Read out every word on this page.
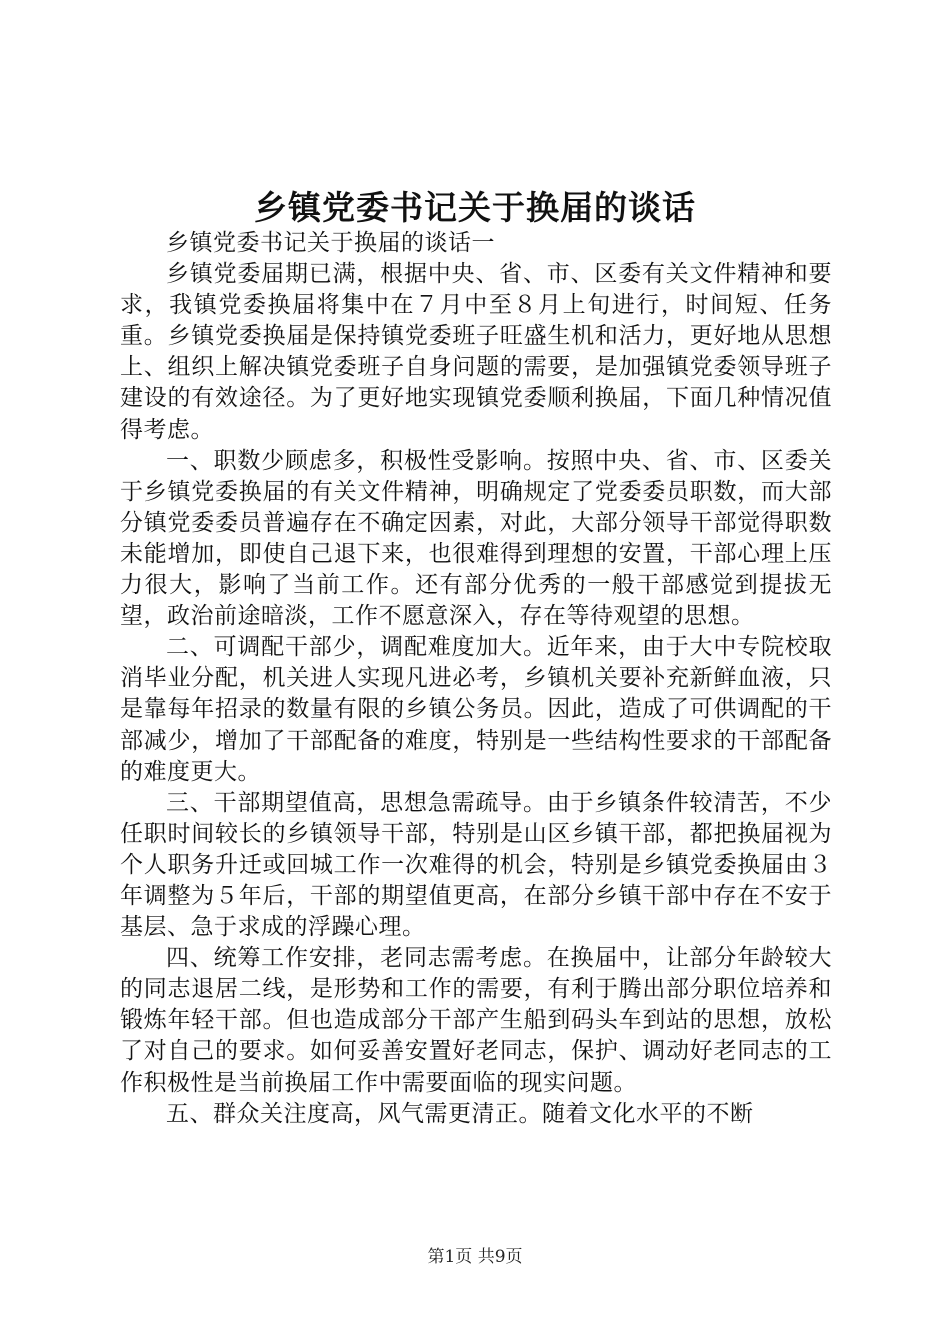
乡镇党委书记关于换届的谈话

乡镇党委书记关于换届的谈话一

乡镇党委届期已满，根据中央、省、市、区委有关文件精神和要求，我镇党委换届将集中在７月中至８月上旬进行，时间短、任务重。乡镇党委换届是保持镇党委班子旺盛生机和活力，更好地从思想上、组织上解决镇党委班子自身问题的需要，是加强镇党委领导班子建设的有效途径。为了更好地实现镇党委顺利换届，下面几种情况值得考虑。

一、职数少顾虑多，积极性受影响。按照中央、省、市、区委关于乡镇党委换届的有关文件精神，明确规定了党委委员职数，而大部分镇党委委员普遍存在不确定因素，对此，大部分领导干部觉得职数未能增加，即使自己退下来，也很难得到理想的安置，干部心理上压力很大，影响了当前工作。还有部分优秀的一般干部感觉到提拔无望，政治前途暗淡，工作不愿意深入，存在等待观望的思想。

二、可调配干部少，调配难度加大。近年来，由于大中专院校取消毕业分配，机关进人实现凡进必考，乡镇机关要补充新鲜血液，只是靠每年招录的数量有限的乡镇公务员。因此，造成了可供调配的干部减少，增加了干部配备的难度，特别是一些结构性要求的干部配备的难度更大。

三、干部期望值高，思想急需疏导。由于乡镇条件较清苦，不少任职时间较长的乡镇领导干部，特别是山区乡镇干部，都把换届视为个人职务升迁或回城工作一次难得的机会，特别是乡镇党委换届由３年调整为５年后，干部的期望值更高，在部分乡镇干部中存在不安于基层、急于求成的浮躁心理。

四、统筹工作安排，老同志需考虑。在换届中，让部分年龄较大的同志退居二线，是形势和工作的需要，有利于腾出部分职位培养和锻炼年轻干部。但也造成部分干部产生船到码头车到站的思想，放松了对自己的要求。如何妥善安置好老同志，保护、调动好老同志的工作积极性是当前换届工作中需要面临的现实问题。

五、群众关注度高，风气需更清正。随着文化水平的不断

第1页 共9页
